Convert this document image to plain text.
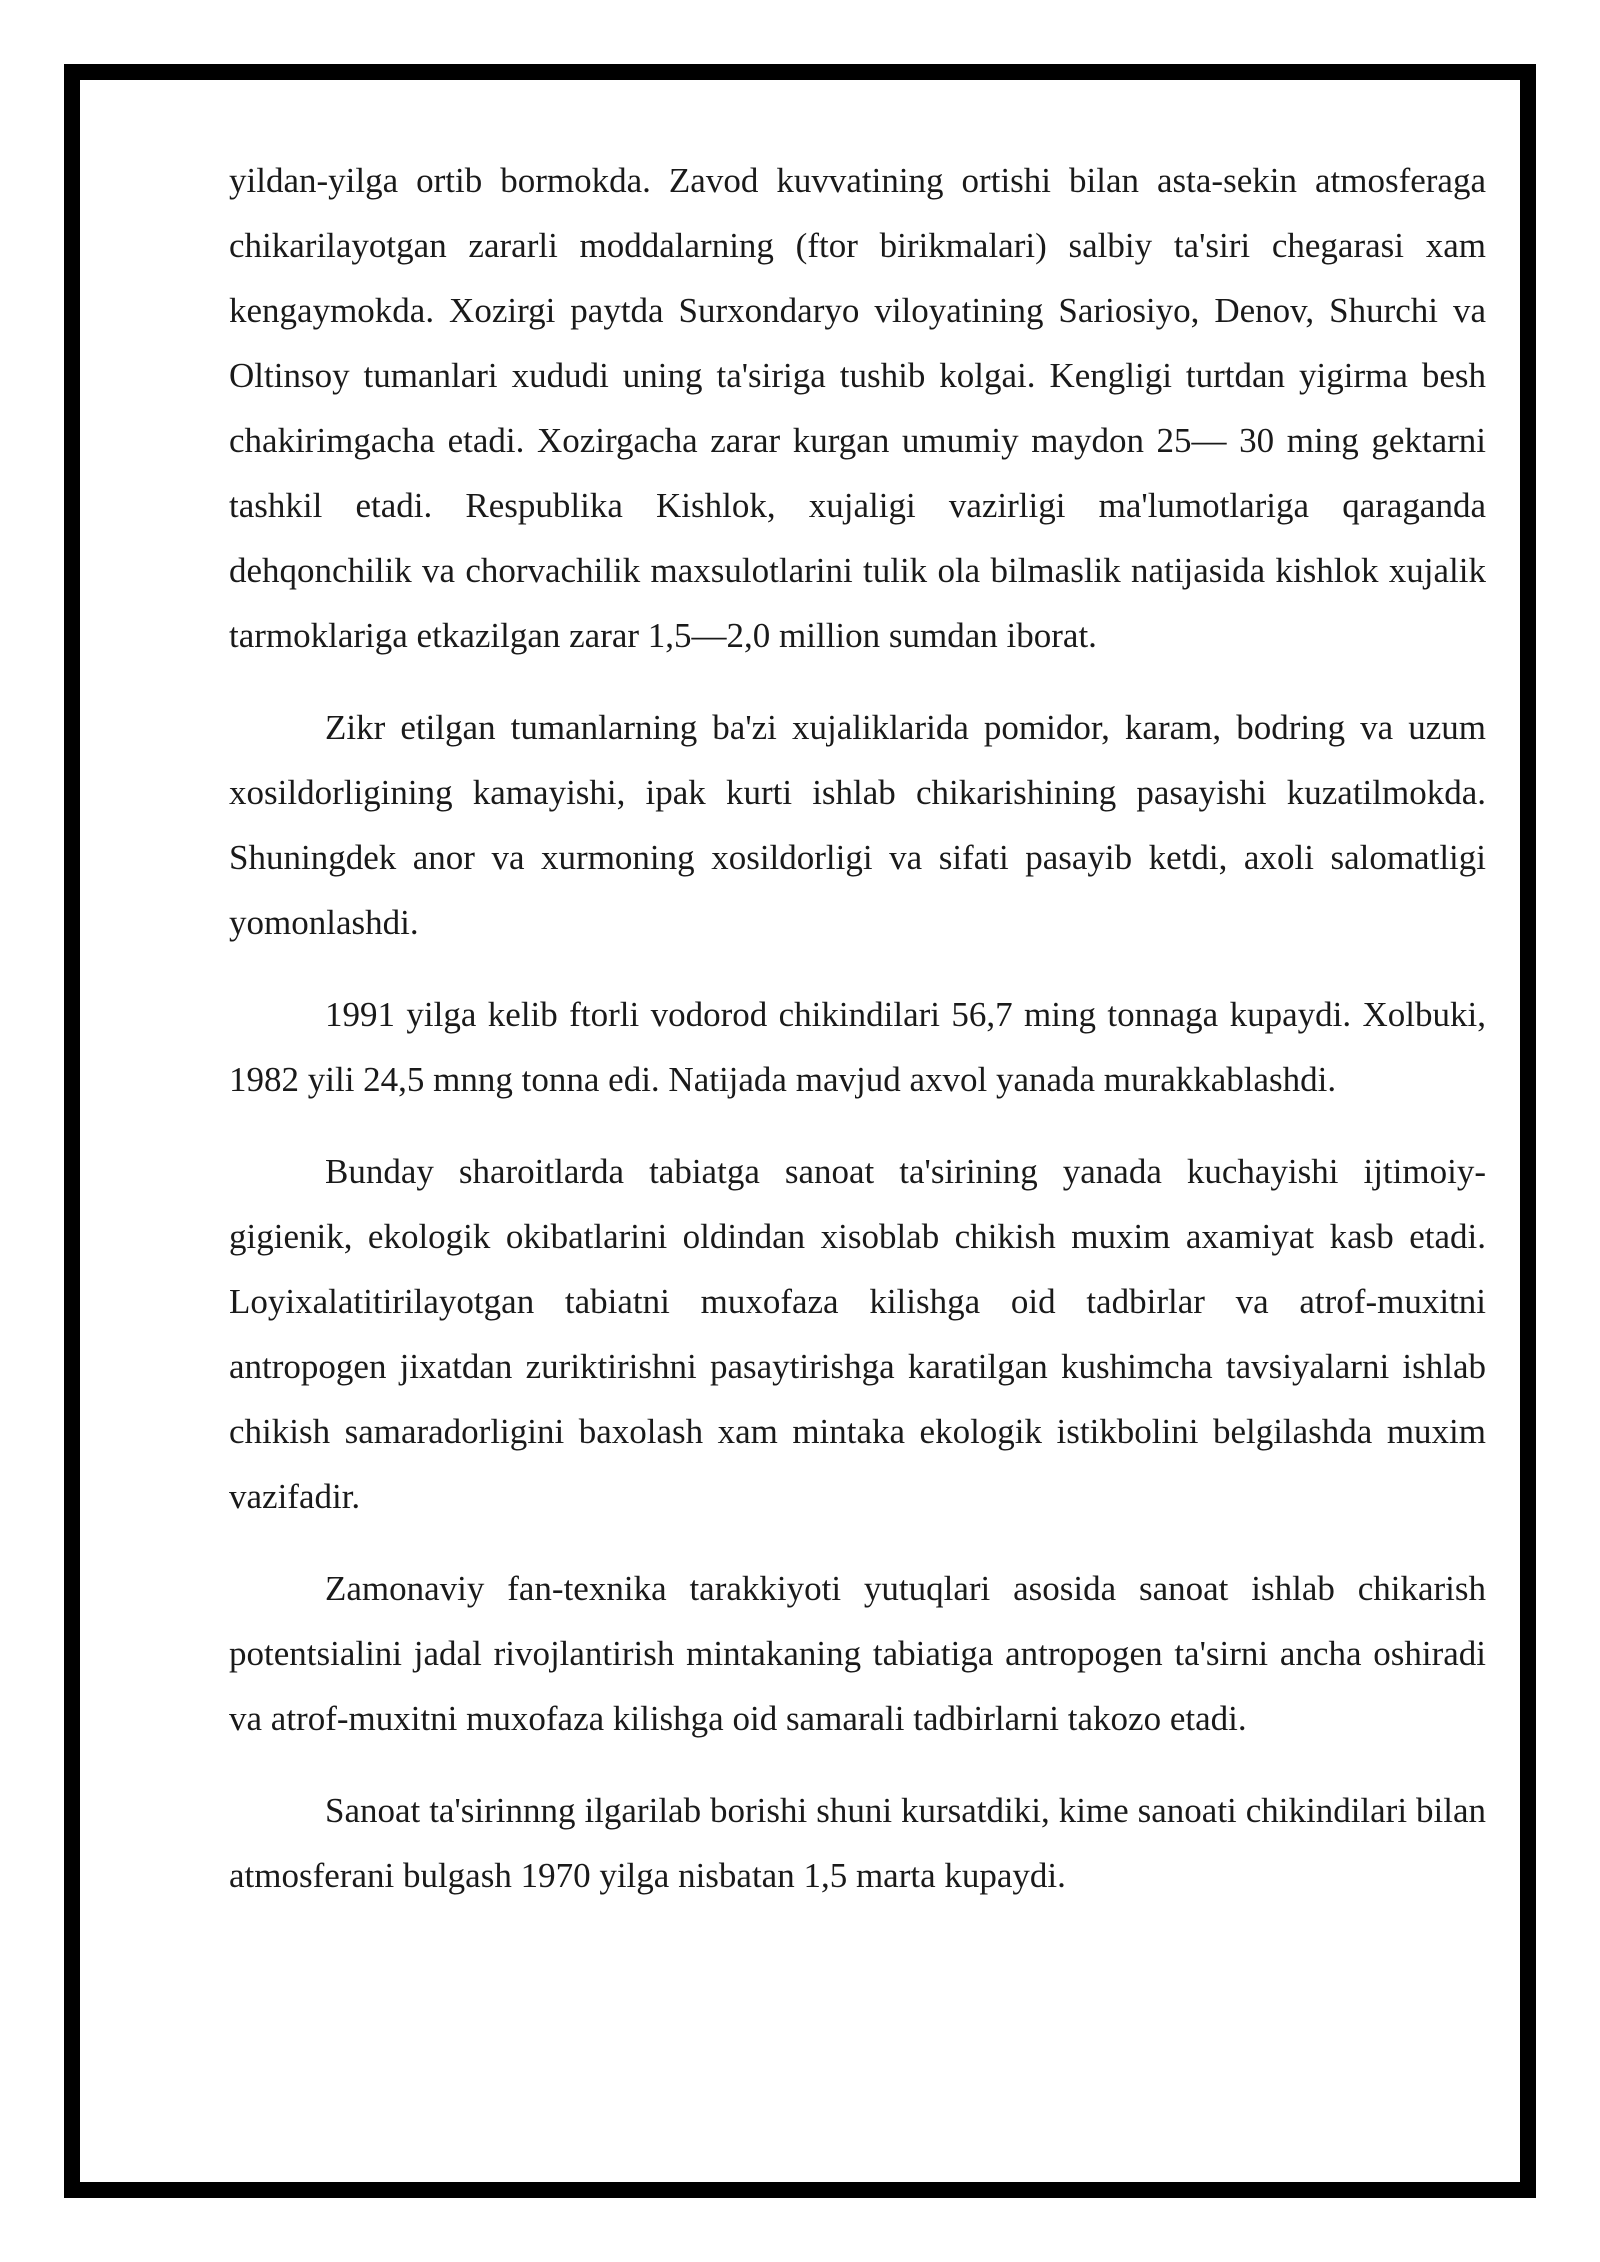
yildan-yilga ortib bormokda. Zavod kuvvatining ortishi bilan asta-sekin atmosferaga chikarilayotgan zararli moddalarning (ftor birikmalari) salbiy ta'siri chegarasi xam kengaymokda. Xozirgi paytda Surxondaryo viloyatining Sariosiyo, Denov, Shurchi va Oltinsoy tumanlari xududi uning ta'siriga tushib kolgai. Kengligi turtdan yigirma besh chakirimgacha etadi. Xozirgacha zarar kurgan umumiy maydon 25— 30 ming gektarni tashkil etadi. Respublika Kishlok, xujaligi vazirligi ma'lumotlariga qaraganda dehqonchilik va chorvachilik maxsulotlarini tulik ola bilmaslik natijasida kishlok xujalik tarmoklariga etkazilgan zarar 1,5—2,0 million sumdan iborat.

Zikr etilgan tumanlarning ba'zi xujaliklarida pomidor, karam, bodring va uzum xosildorligining kamayishi, ipak kurti ishlab chikarishining pasayishi kuzatilmokda. Shuningdek anor va xurmoning xosildorligi va sifati pasayib ketdi, axoli salomatligi yomonlashdi.

1991 yilga kelib ftorli vodorod chikindilari 56,7 ming tonnaga kupaydi. Xolbuki, 1982 yili 24,5 mnng tonna edi. Natijada mavjud axvol yanada murakkablashdi.

Bunday sharoitlarda tabiatga sanoat ta'sirining yanada kuchayishi ijtimoiy-gigienik, ekologik okibatlarini oldindan xisoblab chikish muxim axamiyat kasb etadi. Loyixalatitirilayotgan tabiatni muxofaza kilishga oid tadbirlar va atrof-muxitni antropogen jixatdan zuriktirishni pasaytirishga karatilgan kushimcha tavsiyalarni ishlab chikish samaradorligini baxolash xam mintaka ekologik istikbolini belgilashda muxim vazifadir.

Zamonaviy fan-texnika tarakkiyoti yutuqlari asosida sanoat ishlab chikarish potentsialini jadal rivojlantirish mintakaning tabiatiga antropogen ta'sirni ancha oshiradi va atrof-muxitni muxofaza kilishga oid samarali tadbirlarni takozo etadi.

Sanoat ta'sirinnng ilgarilab borishi shuni kursatdiki, kime sanoati chikindilari bilan atmosferani bulgash 1970 yilga nisbatan 1,5 marta kupaydi.
